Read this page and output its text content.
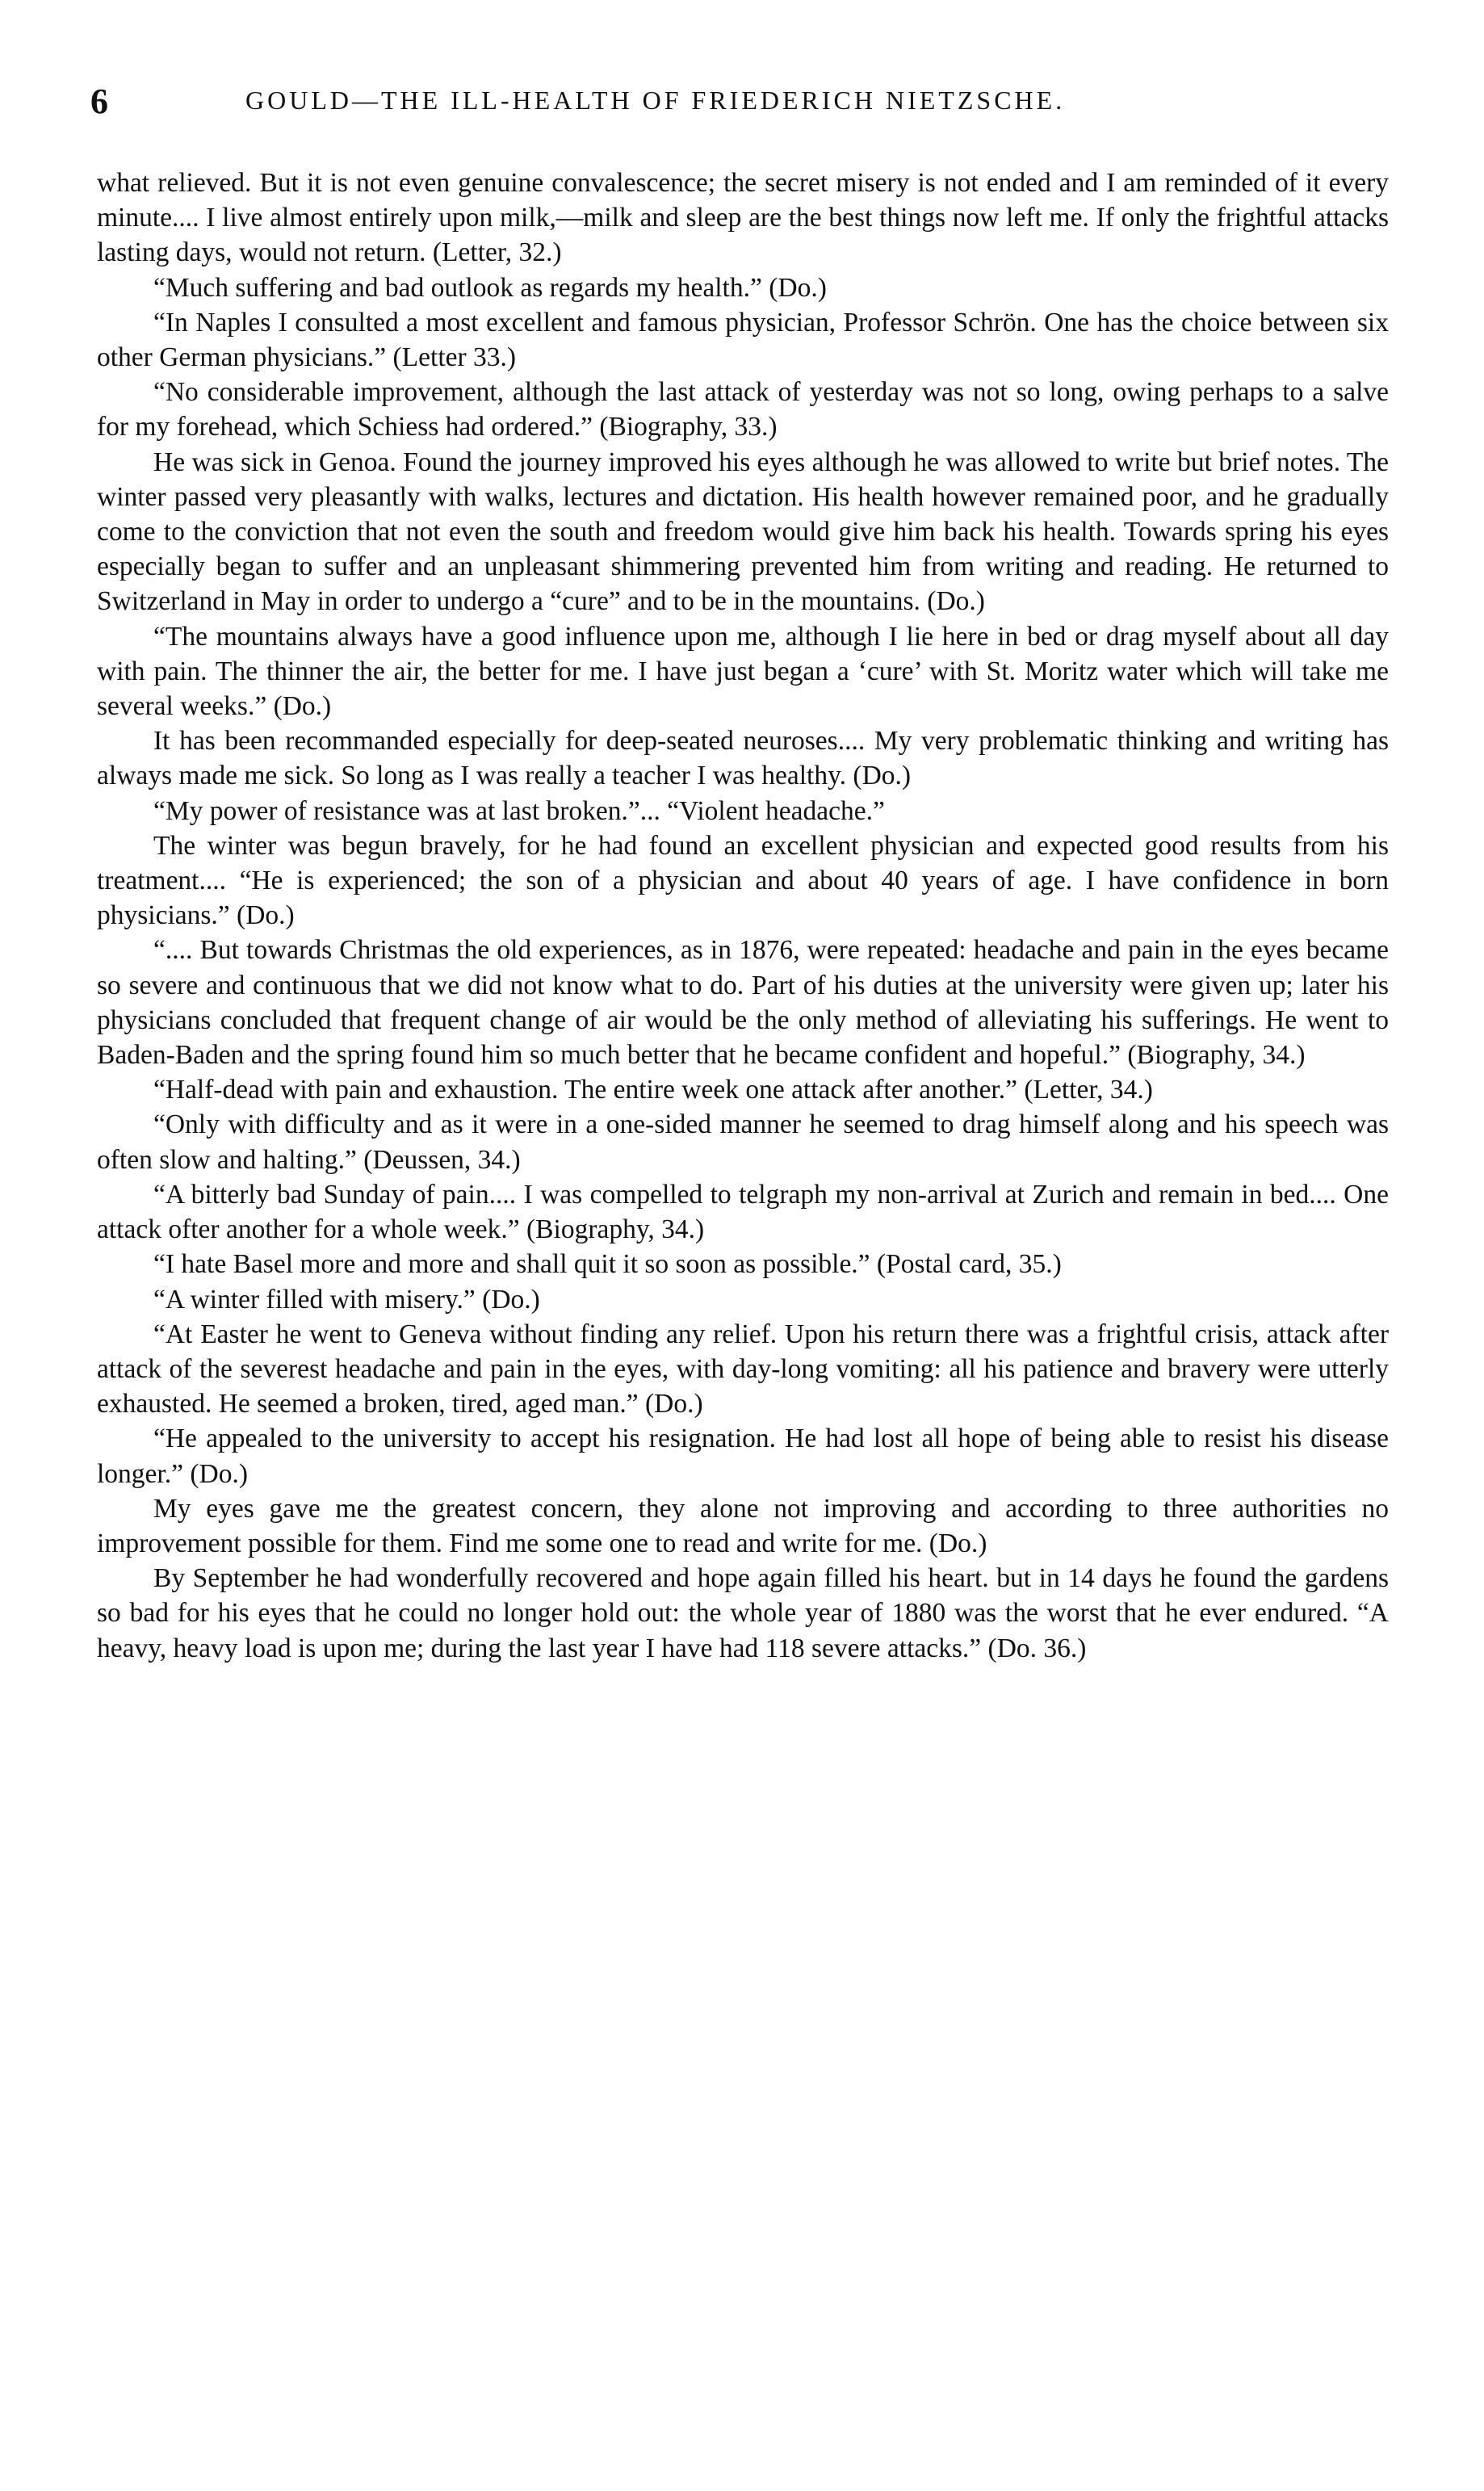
6	GOULD—THE ILL-HEALTH OF FRIEDERICH NIETZSCHE.

what relieved. But it is not even genuine convalescence; the secret misery is not ended and I am reminded of it every minute.... I live almost entirely upon milk,—milk and sleep are the best things now left me. If only the frightful attacks lasting days, would not return. (Letter, 32.)

“Much suffering and bad outlook as regards my health.” (Do.)

“In Naples I consulted a most excellent and famous physician, Professor Schrön. One has the choice between six other German physicians.” (Letter 33.)

“No considerable improvement, although the last attack of yesterday was not so long, owing perhaps to a salve for my forehead, which Schiess had ordered.” (Biography, 33.)

He was sick in Genoa. Found the journey improved his eyes although he was allowed to write but brief notes. The winter passed very pleasantly with walks, lectures and dictation. His health however remained poor, and he gradually come to the conviction that not even the south and freedom would give him back his health. Towards spring his eyes especially began to suffer and an unpleasant shimmering prevented him from writing and reading. He returned to Switzerland in May in order to undergo a “cure” and to be in the mountains. (Do.)

“The mountains always have a good influence upon me, although I lie here in bed or drag myself about all day with pain. The thinner the air, the better for me. I have just began a ‘cure’ with St. Moritz water which will take me several weeks.” (Do.)

It has been recommanded especially for deep-seated neuroses.... My very problematic thinking and writing has always made me sick. So long as I was really a teacher I was healthy. (Do.)

“My power of resistance was at last broken.”... “Violent headache.”

The winter was begun bravely, for he had found an excellent physician and expected good results from his treatment.... “He is experienced; the son of a physician and about 40 years of age. I have confidence in born physicians.” (Do.)

“.... But towards Christmas the old experiences, as in 1876, were repeated: headache and pain in the eyes became so severe and continuous that we did not know what to do. Part of his duties at the university were given up; later his physicians concluded that frequent change of air would be the only method of alleviating his sufferings. He went to Baden-Baden and the spring found him so much better that he became confident and hopeful.” (Biography, 34.)

“Half-dead with pain and exhaustion. The entire week one attack after another.” (Letter, 34.)

“Only with difficulty and as it were in a one-sided manner he seemed to drag himself along and his speech was often slow and halting.” (Deussen, 34.)

“A bitterly bad Sunday of pain.... I was compelled to telgraph my non-arrival at Zurich and remain in bed.... One attack ofter another for a whole week.” (Biography, 34.)

“I hate Basel more and more and shall quit it so soon as possible.” (Postal card, 35.)

“A winter filled with misery.” (Do.)

“At Easter he went to Geneva without finding any relief. Upon his return there was a frightful crisis, attack after attack of the severest headache and pain in the eyes, with day-long vomiting: all his patience and bravery were utterly exhausted. He seemed a broken, tired, aged man.” (Do.)

“He appealed to the university to accept his resignation. He had lost all hope of being able to resist his disease longer.” (Do.)

My eyes gave me the greatest concern, they alone not improving and according to three authorities no improvement possible for them. Find me some one to read and write for me. (Do.)

By September he had wonderfully recovered and hope again filled his heart. but in 14 days he found the gardens so bad for his eyes that he could no longer hold out: the whole year of 1880 was the worst that he ever endured. “A heavy, heavy load is upon me; during the last year I have had 118 severe attacks.” (Do. 36.)
